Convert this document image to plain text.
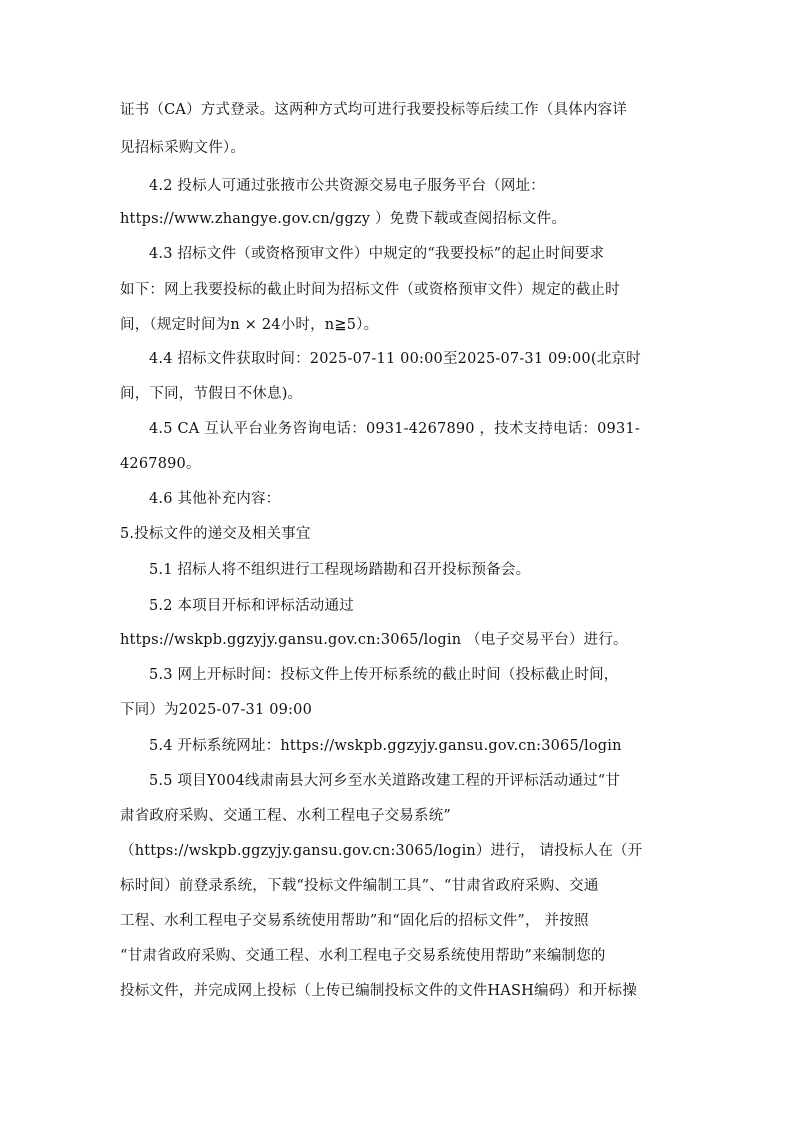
证书（CA）方式登录。这两种方式均可进行我要投标等后续工作（具体内容详
见招标采购文件）。
4.2 投标人可通过张掖市公共资源交易电子服务平台（网址：
https://www.zhangye.gov.cn/ggzy ）免费下载或查阅招标文件。
4.3 招标文件（或资格预审文件）中规定的“我要投标”的起止时间要求
如下：网上我要投标的截止时间为招标文件（或资格预审文件）规定的截止时
间，（规定时间为n × 24小时，n≧5）。
4.4 招标文件获取时间：2025-07-11 00:00至2025-07-31 09:00(北京时
间，下同，节假日不休息)。
4.5 CA 互认平台业务咨询电话：0931-4267890 ，技术支持电话：0931-
4267890。
4.6 其他补充内容：
5.投标文件的递交及相关事宜
5.1 招标人将不组织进行工程现场踏勘和召开投标预备会。
5.2 本项目开标和评标活动通过
https://wskpb.ggzyjy.gansu.gov.cn:3065/login （电子交易平台）进行。
5.3 网上开标时间：投标文件上传开标系统的截止时间（投标截止时间，
下同）为2025-07-31 09:00
5.4 开标系统网址：https://wskpb.ggzyjy.gansu.gov.cn:3065/login
5.5 项目Y004线肃南县大河乡至水关道路改建工程的开评标活动通过“甘
肃省政府采购、交通工程、水利工程电子交易系统”
（https://wskpb.ggzyjy.gansu.gov.cn:3065/login）进行， 请投标人在（开
标时间）前登录系统，下载“投标文件编制工具”、“甘肃省政府采购、交通
工程、水利工程电子交易系统使用帮助”和“固化后的招标文件”， 并按照
“甘肃省政府采购、交通工程、水利工程电子交易系统使用帮助”来编制您的
投标文件，并完成网上投标（上传已编制投标文件的文件HASH编码）和开标操
